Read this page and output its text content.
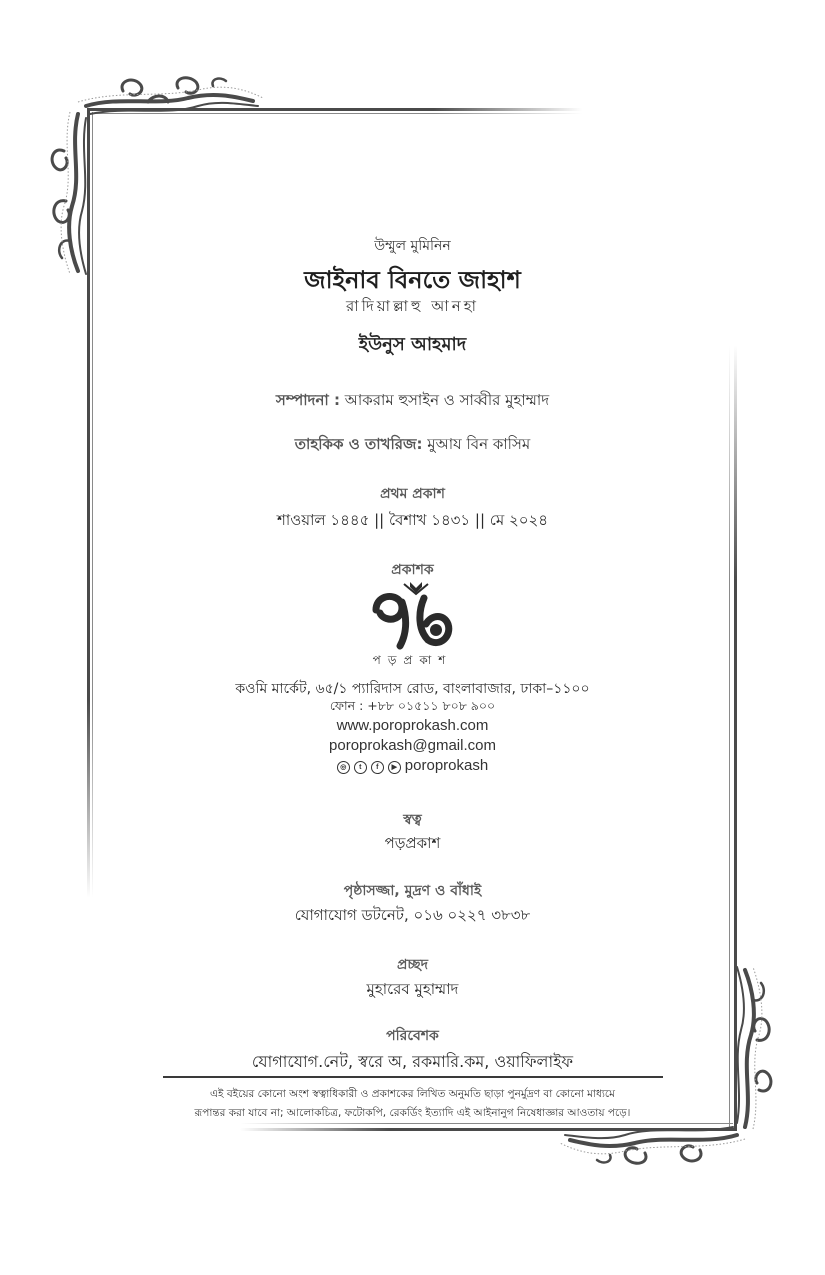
উম্মুল মুমিনিন
জাইনাব বিনতে জাহাশ
রাদিয়াল্লাহু আনহা
ইউনুস আহমাদ
সম্পাদনা : আকরাম হুসাইন ও সাব্বীর মুহাম্মাদ
তাহকিক ও তাখরিজ: মুআয বিন কাসিম
প্রথম প্রকাশ
শাওয়াল ১৪৪৫ || বৈশাখ ১৪৩১ || মে ২০২৪
প্রকাশক
পড়প্রকাশ
কওমি মার্কেট, ৬৫/১ প্যারিদাস রোড, বাংলাবাজার, ঢাকা–১১০০
ফোন : +৮৮ ০১৫১১ ৮০৮ ৯০০
www.poroprokash.com
poroprokash@gmail.com
◎ t f ▶ poroprokash
স্বত্ব
পড়প্রকাশ
পৃষ্ঠাসজ্জা, মুদ্রণ ও বাঁধাই
যোগাযোগ ডটনেট, ০১৬ ০২২৭ ৩৮৩৮
প্রচ্ছদ
মুহারেব মুহাম্মাদ
পরিবেশক
যোগাযোগ.নেট, স্বরে অ, রকমারি.কম, ওয়াফিলাইফ
এই বইয়ের কোনো অংশ স্বত্বাধিকারী ও প্রকাশকের লিখিত অনুমতি ছাড়া পুনর্মুদ্রণ বা কোনো মাধ্যমে
রূপান্তর করা যাবে না; আলোকচিত্র, ফটোকপি, রেকর্ডিং ইত্যাদি এই আইনানুগ নিষেধাজ্ঞার আওতায় পড়ে।
